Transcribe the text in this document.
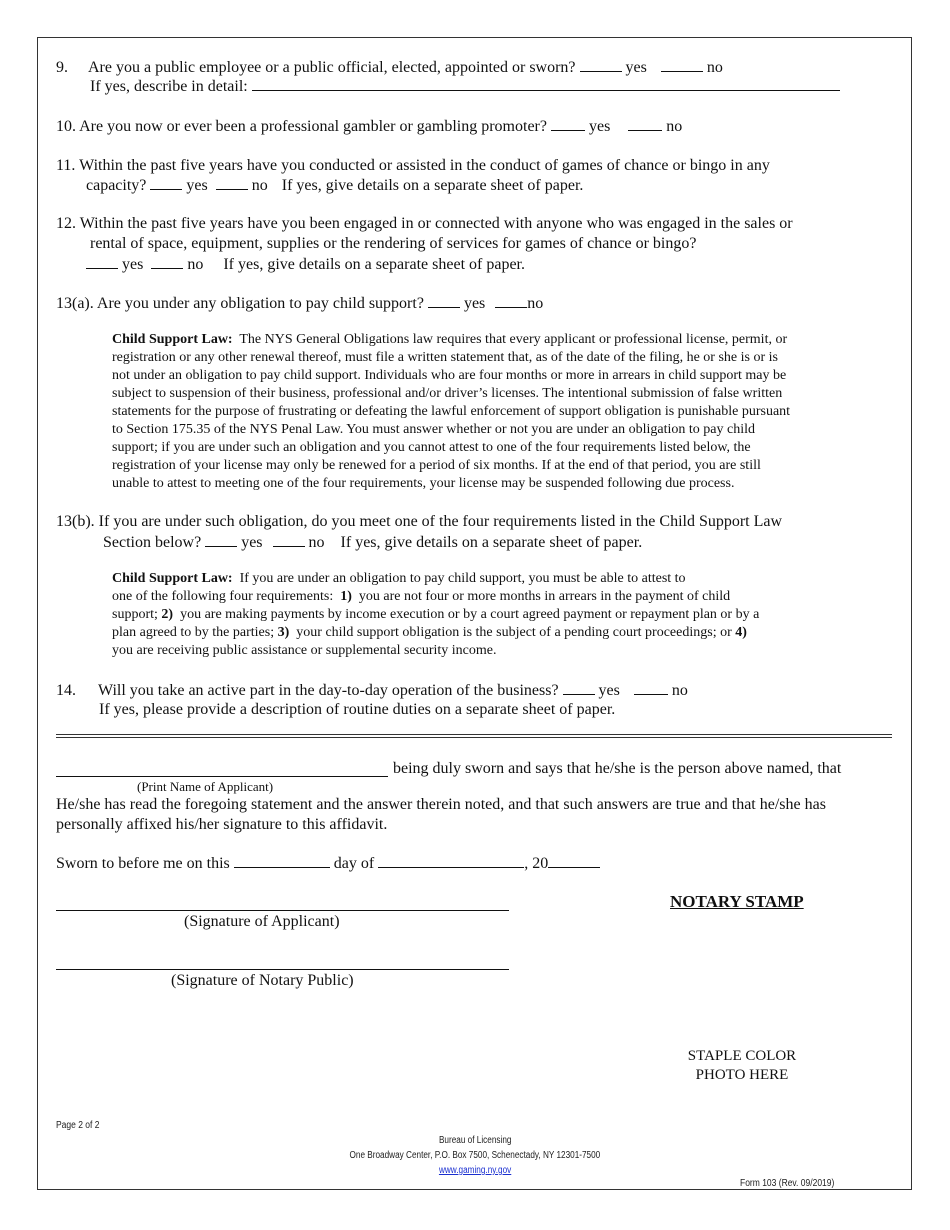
9. Are you a public employee or a public official, elected, appointed or sworn?	yes	no
If yes, describe in detail:
10. Are you now or ever been a professional gambler or gambling promoter?	yes	no
11. Within the past five years have you conducted or assisted in the conduct of games of chance or bingo in any
capacity?	yes	no If yes, give details on a separate sheet of paper.
12. Within the past five years have you been engaged in or connected with anyone who was engaged in the sales or
rental of space, equipment, supplies or the rendering of services for games of chance or bingo?
yes	no If yes, give details on a separate sheet of paper.
13(a). Are you under any obligation to pay child support?	yes	no
Child Support Law: The NYS General Obligations law requires that every applicant or professional license, permit, or
registration or any other renewal thereof, must file a written statement that, as of the date of the filing, he or she is or is
not under an obligation to pay child support. Individuals who are four months or more in arrears in child support may be
subject to suspension of their business, professional and/or driver’s licenses. The intentional submission of false written
statements for the purpose of frustrating or defeating the lawful enforcement of support obligation is punishable pursuant
to Section 175.35 of the NYS Penal Law. You must answer whether or not you are under an obligation to pay child
support; if you are under such an obligation and you cannot attest to one of the four requirements listed below, the
registration of your license may only be renewed for a period of six months. If at the end of that period, you are still
unable to attest to meeting one of the four requirements, your license may be suspended following due process.
13(b). If you are under such obligation, do you meet one of the four requirements listed in the Child Support Law
Section below?	yes	no If yes, give details on a separate sheet of paper.
Child Support Law: If you are under an obligation to pay child support, you must be able to attest to
one of the following four requirements: 1) you are not four or more months in arrears in the payment of child
support; 2) you are making payments by income execution or by a court agreed payment or repayment plan or by a
plan agreed to by the parties; 3) your child support obligation is the subject of a pending court proceedings; or 4)
you are receiving public assistance or supplemental security income.
14. Will you take an active part in the day-to-day operation of the business?	yes	no
If yes, please provide a description of routine duties on a separate sheet of paper.
being duly sworn and says that he/she is the person above named, that
(Print Name of Applicant)
He/she has read the foregoing statement and the answer therein noted, and that such answers are true and that he/she has
personally affixed his/her signature to this affidavit.
Sworn to before me on this	day of	, 20
NOTARY STAMP
(Signature of Applicant)
(Signature of Notary Public)
STAPLE COLOR
PHOTO HERE
Page 2 of 2
Bureau of Licensing
One Broadway Center, P.O. Box 7500, Schenectady, NY 12301-7500
www.gaming.ny.gov
Form 103 (Rev. 09/2019)
